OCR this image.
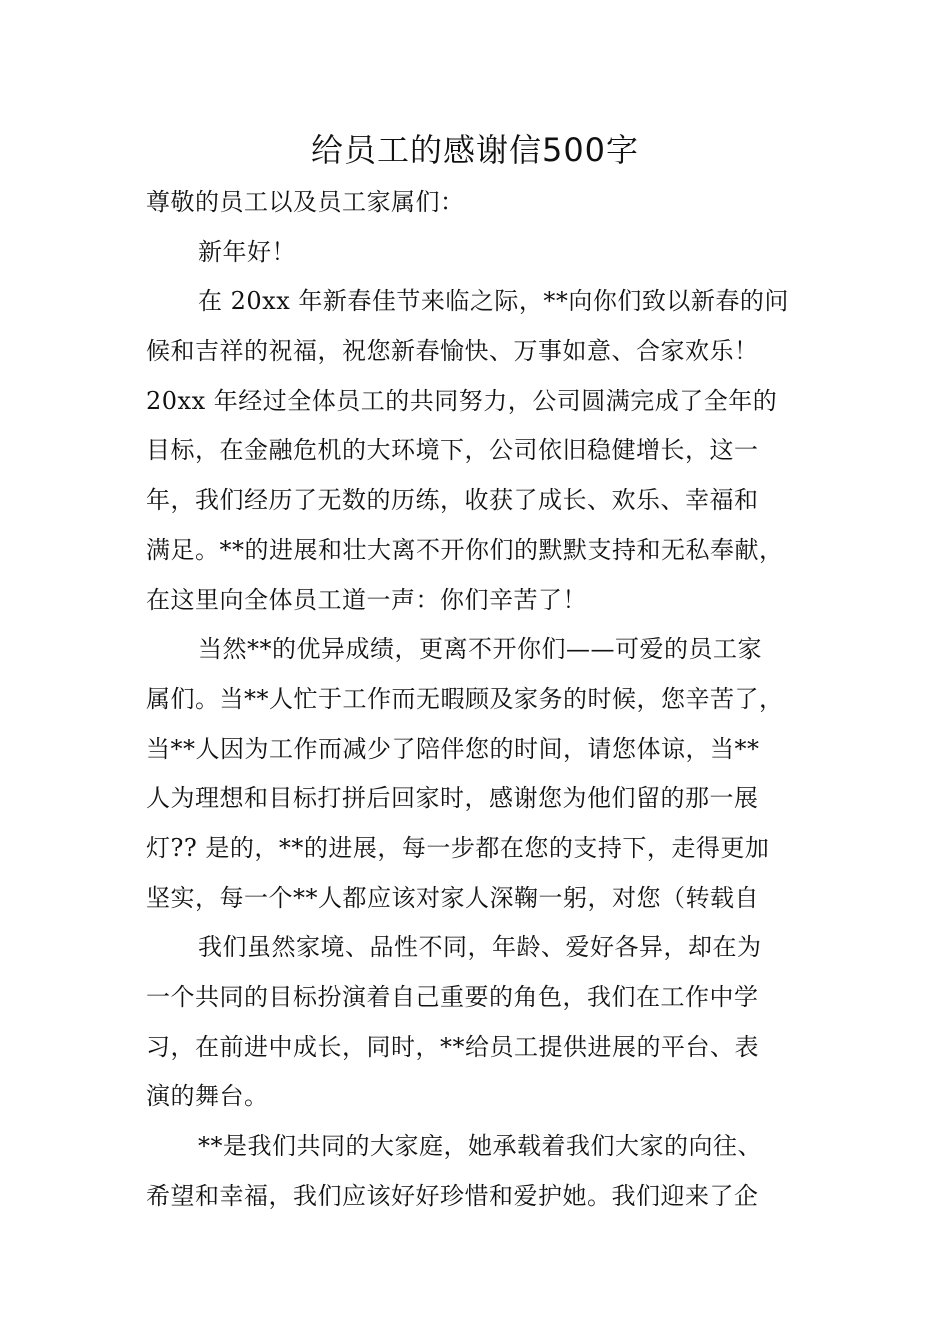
给员工的感谢信500字
尊敬的员工以及员工家属们：
新年好！
在 20xx 年新春佳节来临之际，**向你们致以新春的问
候和吉祥的祝福，祝您新春愉快、万事如意、合家欢乐！
20xx 年经过全体员工的共同努力，公司圆满完成了全年的
目标，在金融危机的大环境下，公司依旧稳健增长，这一
年，我们经历了无数的历练，收获了成长、欢乐、幸福和
满足。**的进展和壮大离不开你们的默默支持和无私奉献，
在这里向全体员工道一声：你们辛苦了！
当然**的优异成绩，更离不开你们——可爱的员工家
属们。当**人忙于工作而无暇顾及家务的时候，您辛苦了，
当**人因为工作而减少了陪伴您的时间，请您体谅，当**
人为理想和目标打拼后回家时，感谢您为他们留的那一展
灯?? 是的，**的进展，每一步都在您的支持下，走得更加
坚实，每一个**人都应该对家人深鞠一躬，对您（转载自
我们虽然家境、品性不同，年龄、爱好各异，却在为
一个共同的目标扮演着自己重要的角色，我们在工作中学
习，在前进中成长，同时，**给员工提供进展的平台、表
演的舞台。
**是我们共同的大家庭，她承载着我们大家的向往、
希望和幸福，我们应该好好珍惜和爱护她。我们迎来了企
